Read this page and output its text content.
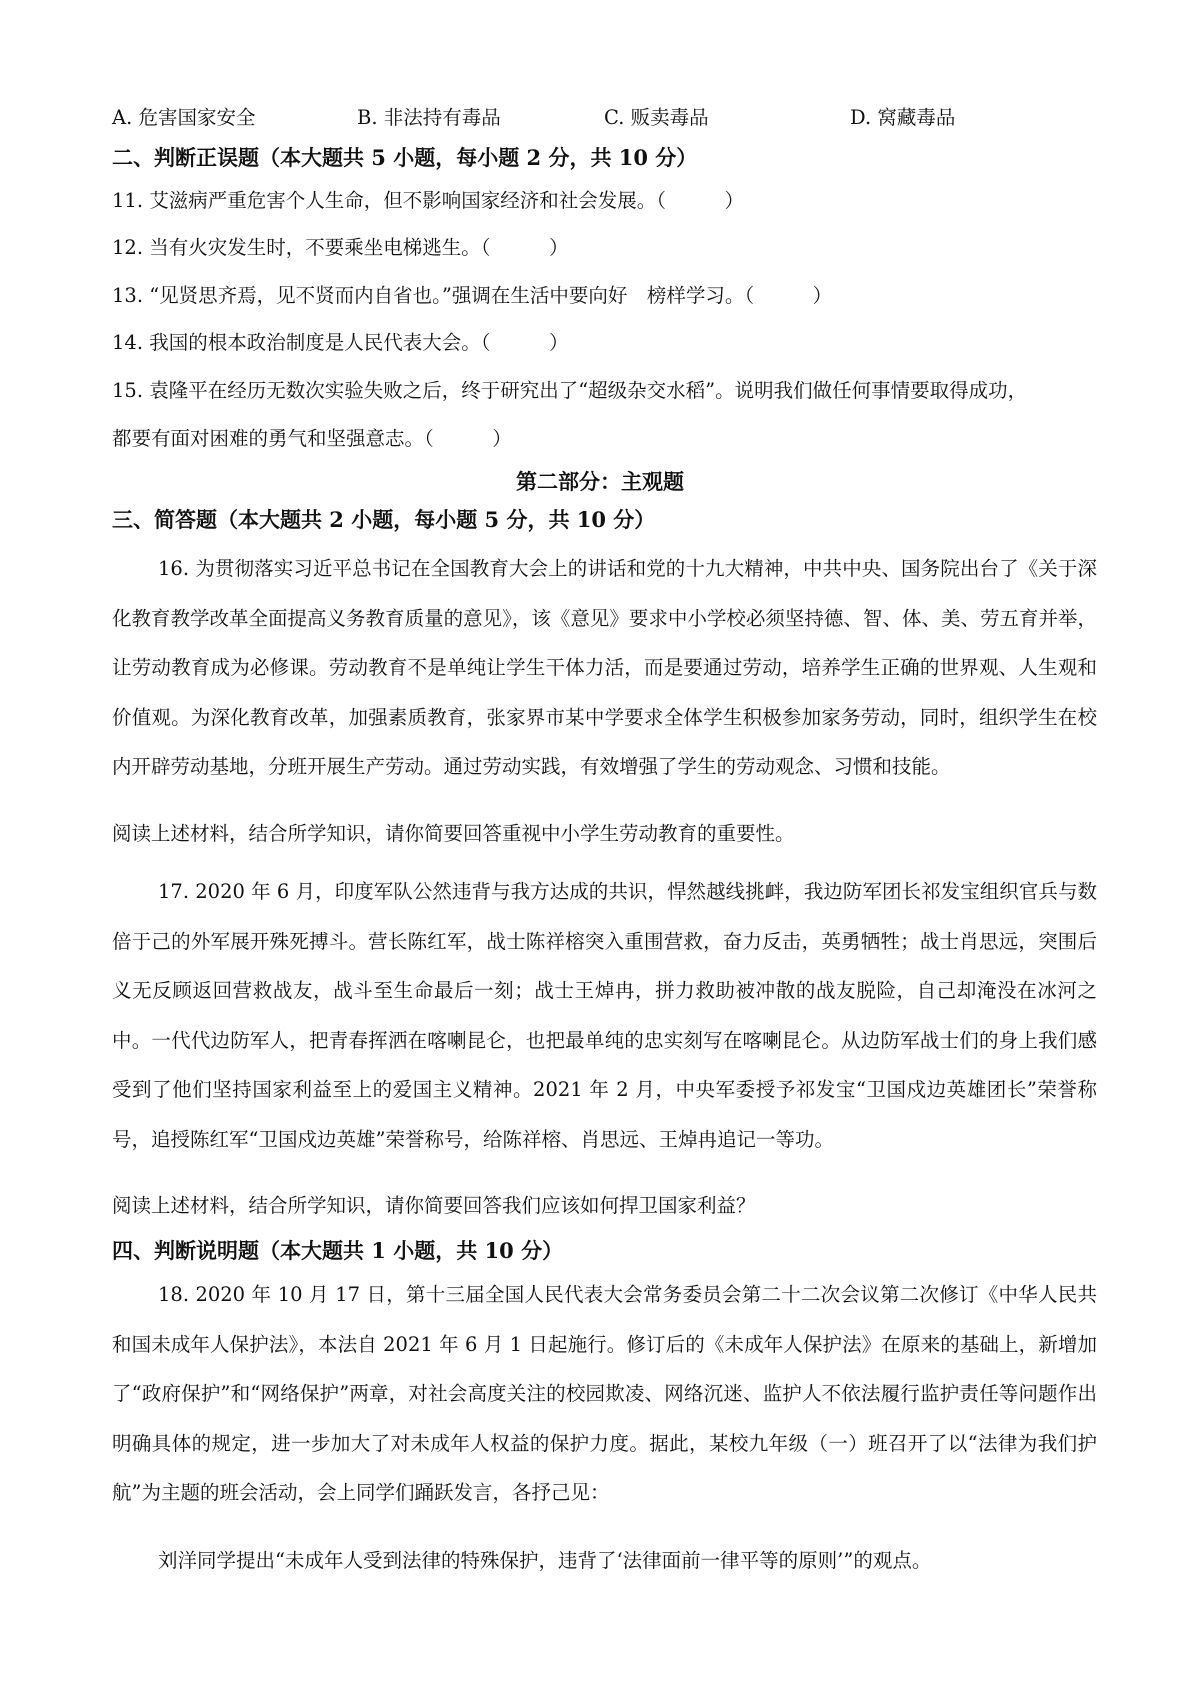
A. 危害国家安全	B. 非法持有毒品	C. 贩卖毒品	D. 窝藏毒品
二、判断正误题（本大题共 5 小题，每小题 2 分，共 10 分）
11. 艾滋病严重危害个人生命，但不影响国家经济和社会发展。（　　　）
12. 当有火灾发生时，不要乘坐电梯逃生。（　　　）
13. “见贤思齐焉，见不贤而内自省也。”强调在生活中要向好　榜样学习。（　　　）
14. 我国的根本政治制度是人民代表大会。（　　　）
15. 袁隆平在经历无数次实验失败之后，终于研究出了“超级杂交水稻”。说明我们做任何事情要取得成功，
都要有面对困难的勇气和坚强意志。（　　　）
第二部分：主观题
三、简答题（本大题共 2 小题，每小题 5 分，共 10 分）
16. 为贯彻落实习近平总书记在全国教育大会上的讲话和党的十九大精神，中共中央、国务院出台了《关于深化教育教学改革全面提高义务教育质量的意见》，该《意见》要求中小学校必须坚持德、智、体、美、劳五育并举，让劳动教育成为必修课。劳动教育不是单纯让学生干体力活，而是要通过劳动，培养学生正确的世界观、人生观和价值观。为深化教育改革，加强素质教育，张家界市某中学要求全体学生积极参加家务劳动，同时，组织学生在校内开辟劳动基地，分班开展生产劳动。通过劳动实践，有效增强了学生的劳动观念、习惯和技能。
阅读上述材料，结合所学知识，请你简要回答重视中小学生劳动教育的重要性。
17. 2020 年 6 月，印度军队公然违背与我方达成的共识，悍然越线挑衅，我边防军团长祁发宝组织官兵与数倍于己的外军展开殊死搏斗。营长陈红军，战士陈祥榕突入重围营救，奋力反击，英勇牺牲；战士肖思远，突围后义无反顾返回营救战友，战斗至生命最后一刻；战士王焯冉，拼力救助被冲散的战友脱险，自己却淹没在冰河之中。一代代边防军人，把青春挥洒在喀喇昆仑，也把最单纯的忠实刻写在喀喇昆仑。从边防军战士们的身上我们感受到了他们坚持国家利益至上的爱国主义精神。2021 年 2 月，中央军委授予祁发宝“卫国戍边英雄团长”荣誉称号，追授陈红军“卫国戍边英雄”荣誉称号，给陈祥榕、肖思远、王焯冉追记一等功。
阅读上述材料，结合所学知识，请你简要回答我们应该如何捍卫国家利益？
四、判断说明题（本大题共 1 小题，共 10 分）
18. 2020 年 10 月 17 日，第十三届全国人民代表大会常务委员会第二十二次会议第二次修订《中华人民共和国未成年人保护法》，本法自 2021 年 6 月 1 日起施行。修订后的《未成年人保护法》在原来的基础上，新增加了“政府保护”和“网络保护”两章，对社会高度关注的校园欺凌、网络沉迷、监护人不依法履行监护责任等问题作出明确具体的规定，进一步加大了对未成年人权益的保护力度。据此，某校九年级（一）班召开了以“法律为我们护航”为主题的班会活动，会上同学们踊跃发言，各抒己见：
刘洋同学提出“未成年人受到法律的特殊保护，违背了‘法律面前一律平等的原则’”的观点。
